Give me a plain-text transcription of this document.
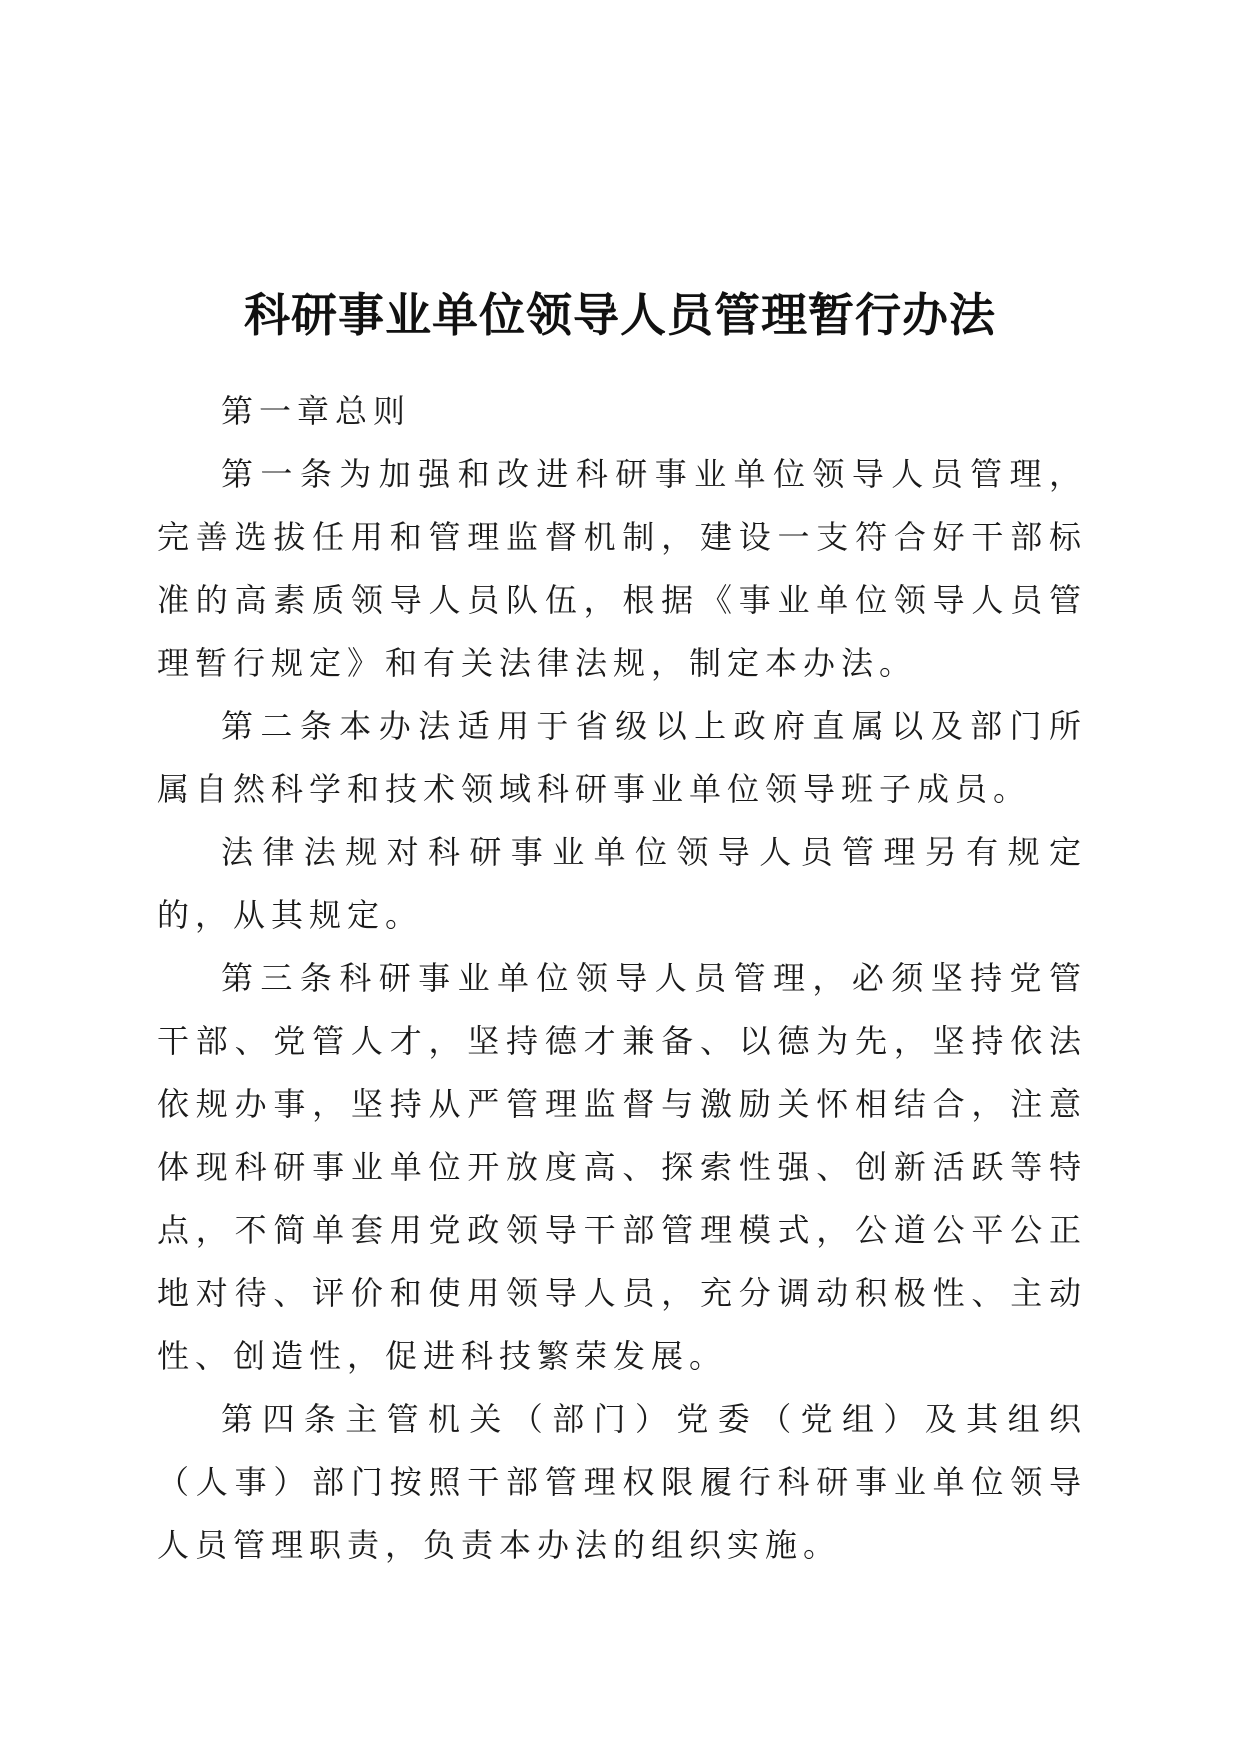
科研事业单位领导人员管理暂行办法

第一章总则

第一条为加强和改进科研事业单位领导人员管理，完善选拔任用和管理监督机制，建设一支符合好干部标准的高素质领导人员队伍，根据《事业单位领导人员管理暂行规定》和有关法律法规，制定本办法。

第二条本办法适用于省级以上政府直属以及部门所属自然科学和技术领域科研事业单位领导班子成员。

法律法规对科研事业单位领导人员管理另有规定的，从其规定。

第三条科研事业单位领导人员管理，必须坚持党管干部、党管人才，坚持德才兼备、以德为先，坚持依法依规办事，坚持从严管理监督与激励关怀相结合，注意体现科研事业单位开放度高、探索性强、创新活跃等特点，不简单套用党政领导干部管理模式，公道公平公正地对待、评价和使用领导人员，充分调动积极性、主动性、创造性，促进科技繁荣发展。

第四条主管机关（部门）党委（党组）及其组织（人事）部门按照干部管理权限履行科研事业单位领导人员管理职责，负责本办法的组织实施。
